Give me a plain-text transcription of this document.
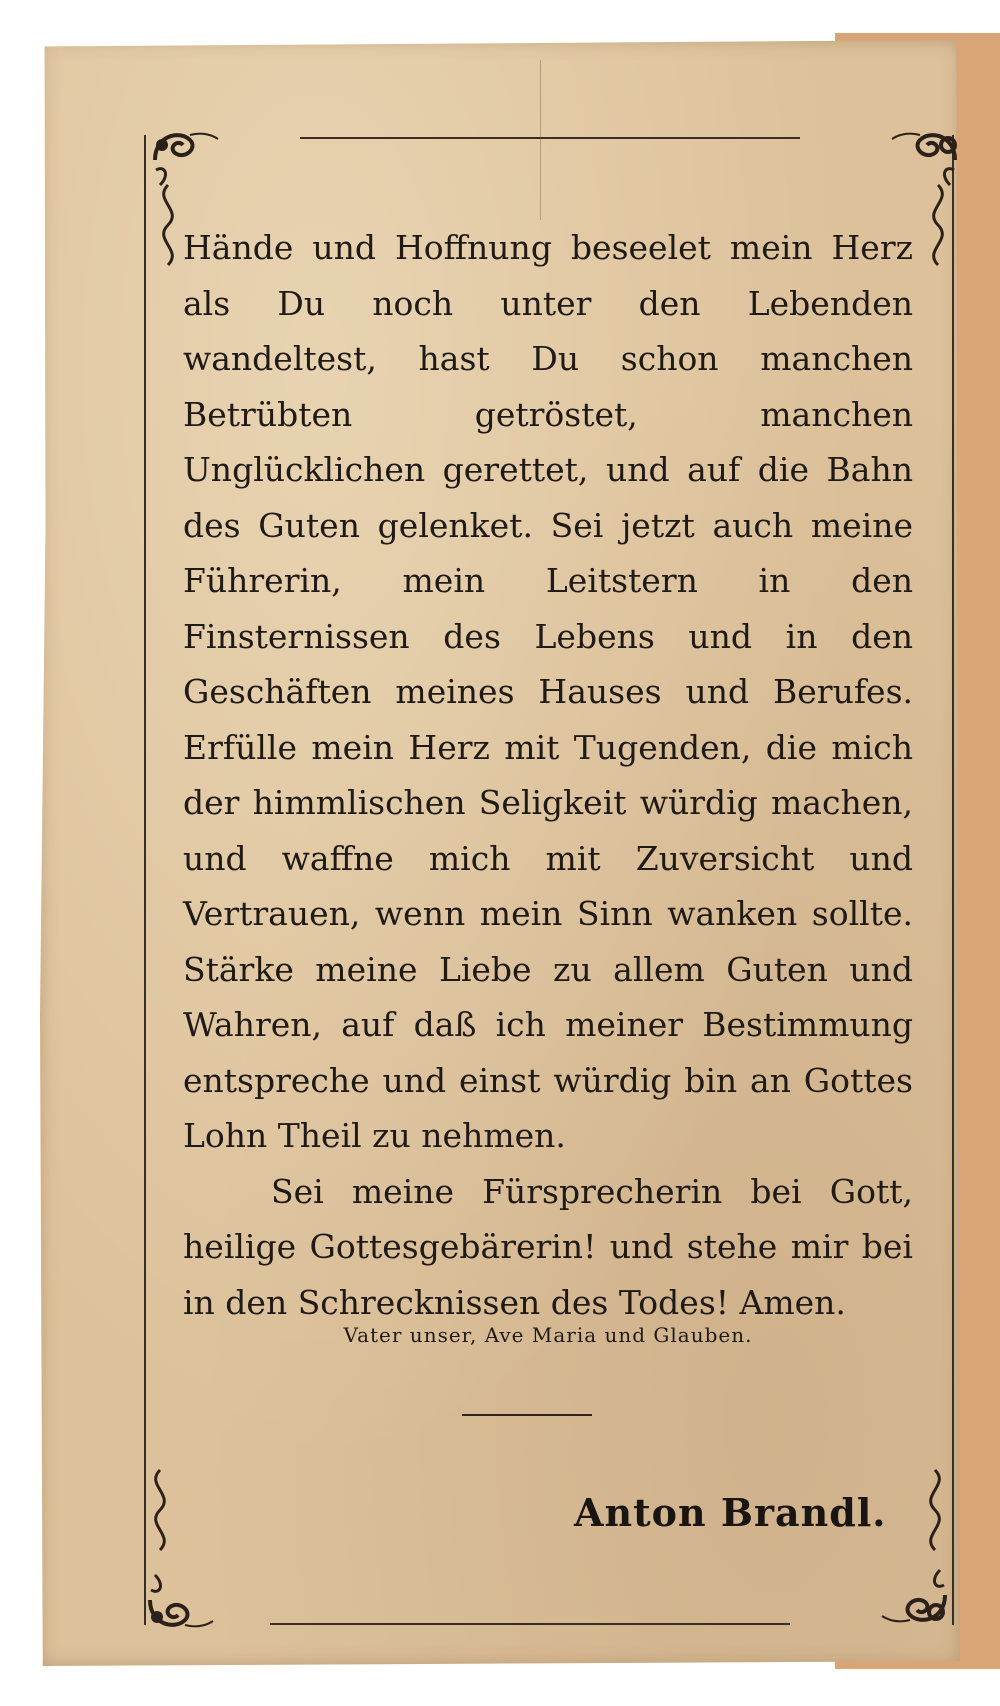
Hände und Hoffnung beseelet mein Herz als Du noch unter den Lebenden wandeltest, hast Du schon manchen Betrübten getröstet, manchen Unglücklichen gerettet, und auf die Bahn des Guten gelenket. Sei jetzt auch meine Führerin, mein Leitstern in den Finsternissen des Lebens und in den Geschäften meines Hauses und Berufes. Erfülle mein Herz mit Tugenden, die mich der himmlischen Seligkeit würdig machen, und waffne mich mit Zuversicht und Vertrauen, wenn mein Sinn wanken sollte. Stärke meine Liebe zu allem Guten und Wahren, auf daß ich meiner Bestimmung entspreche und einst würdig bin an Gottes Lohn Theil zu nehmen.

Sei meine Fürsprecherin bei Gott, heilige Gottesgebärerin! und stehe mir bei in den Schrecknissen des Todes! Amen.

Vater unser, Ave Maria und Glauben.
Anton Brandl.
